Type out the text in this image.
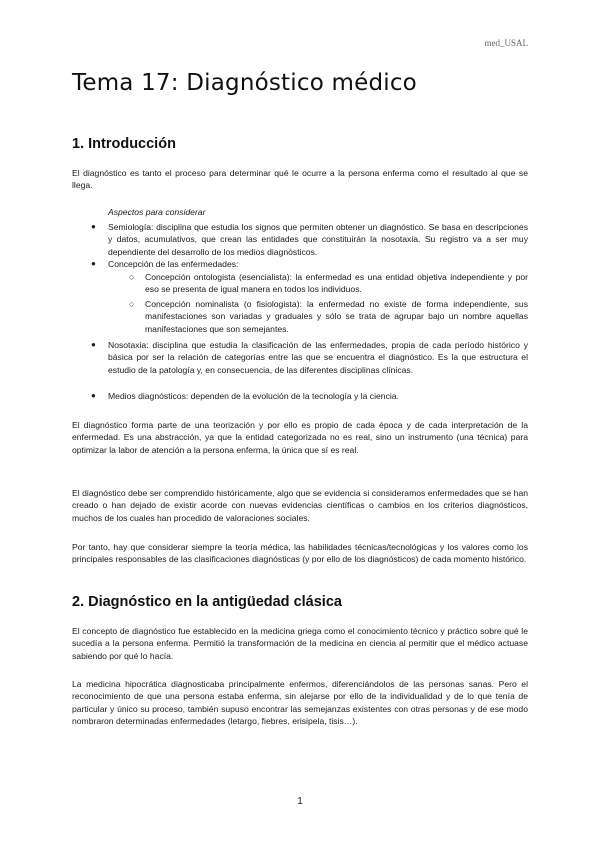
med_USAL
Tema 17: Diagnóstico médico
1. Introducción

El diagnóstico es tanto el proceso para determinar qué le ocurre a la persona enferma como el resultado al que se llega.

Aspectos para considerar

● Semiología: disciplina que estudia los signos que permiten obtener un diagnóstico. Se basa en descripciones y datos, acumulativos, que crean las entidades que constituirán la nosotaxia. Su registro va a ser muy dependiente del desarrollo de los medios diagnósticos.

● Concepción de las enfermedades:

○ Concepción ontologista (esencialista): la enfermedad es una entidad objetiva independiente y por eso se presenta de igual manera en todos los individuos.

○ Concepción nominalista (o fisiologista): la enfermedad no existe de forma independiente, sus manifestaciones son variadas y graduales y sólo se trata de agrupar bajo un nombre aquellas manifestaciones que son semejantes.

● Nosotaxia: disciplina que estudia la clasificación de las enfermedades, propia de cada período histórico y básica por ser la relación de categorías entre las que se encuentra el diagnóstico. Es la que estructura el estudio de la patología y, en consecuencia, de las diferentes disciplinas clínicas.

● Medios diagnósticos: dependen de la evolución de la tecnología y la ciencia.

El diagnóstico forma parte de una teorización y por ello es propio de cada época y de cada interpretación de la enfermedad. Es una abstracción, ya que la entidad categorizada no es real, sino un instrumento (una técnica) para optimizar la labor de atención a la persona enferma, la única que sí es real.

El diagnóstico debe ser comprendido históricamente, algo que se evidencia si consideramos enfermedades que se han creado o han dejado de existir acorde con nuevas evidencias científicas o cambios en los criterios diagnósticos, muchos de los cuales han procedido de valoraciones sociales.

Por tanto, hay que considerar siempre la teoría médica, las habilidades técnicas/tecnológicas y los valores como los principales responsables de las clasificaciones diagnósticas (y por ello de los diagnósticos) de cada momento histórico.

2. Diagnóstico en la antigüedad clásica

El concepto de diagnóstico fue establecido en la medicina griega como el conocimiento técnico y práctico sobre qué le sucedía a la persona enferma. Permitió la transformación de la medicina en ciencia al permitir que el médico actuase sabiendo por qué lo hacía.

La medicina hipocrática diagnosticaba principalmente enfermos, diferenciándolos de las personas sanas. Pero el reconocimiento de que una persona estaba enferma, sin alejarse por ello de la individualidad y de lo que tenía de particular y único su proceso, también supuso encontrar las semejanzas existentes con otras personas y de ese modo nombraron determinadas enfermedades (letargo, fiebres, erisipela, tisis…).

1
